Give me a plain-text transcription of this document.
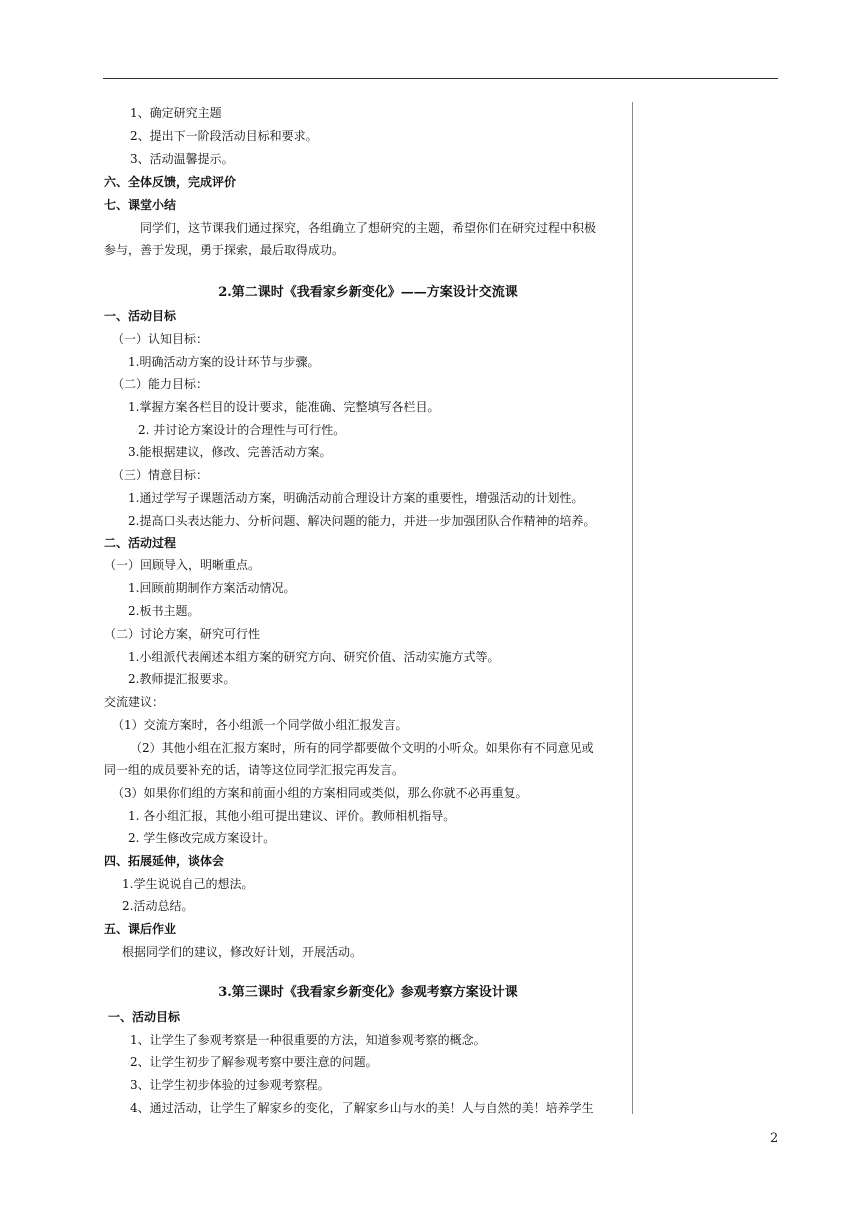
1、确定研究主题
2、提出下一阶段活动目标和要求。
3、活动温馨提示。
六、全体反馈，完成评价
七、课堂小结
同学们，这节课我们通过探究，各组确立了想研究的主题，希望你们在研究过程中积极
参与，善于发现，勇于探索，最后取得成功。
一、活动目标
（一）认知目标：
1.明确活动方案的设计环节与步骤。
（二）能力目标：
1.掌握方案各栏目的设计要求，能准确、完整填写各栏目。
2. 并讨论方案设计的合理性与可行性。
3.能根据建议，修改、完善活动方案。
（三）情意目标：
1.通过学写子课题活动方案，明确活动前合理设计方案的重要性，增强活动的计划性。
2.提高口头表达能力、分析问题、解决问题的能力，并进一步加强团队合作精神的培养。
二、活动过程
（一）回顾导入，明晰重点。
1.回顾前期制作方案活动情况。
2.板书主题。
（二）讨论方案，研究可行性
1.小组派代表阐述本组方案的研究方向、研究价值、活动实施方式等。
2.教师提汇报要求。
交流建议：
（1）交流方案时，各小组派一个同学做小组汇报发言。
（2）其他小组在汇报方案时，所有的同学都要做个文明的小听众。如果你有不同意见或
同一组的成员要补充的话，请等这位同学汇报完再发言。
（3）如果你们组的方案和前面小组的方案相同或类似，那么你就不必再重复。
1. 各小组汇报，其他小组可提出建议、评价。教师相机指导。
2. 学生修改完成方案设计。
四、拓展延伸，谈体会
1.学生说说自己的想法。
2.活动总结。
五、课后作业
根据同学们的建议，修改好计划，开展活动。
一、活动目标
1、让学生了参观考察是一种很重要的方法，知道参观考察的概念。
2、让学生初步了解参观考察中要注意的问题。
3、让学生初步体验的过参观考察程。
4、通过活动，让学生了解家乡的变化，了解家乡山与水的美！人与自然的美！培养学生
2.第二课时《我看家乡新变化》——方案设计交流课
3.第三课时《我看家乡新变化》参观考察方案设计课
2
